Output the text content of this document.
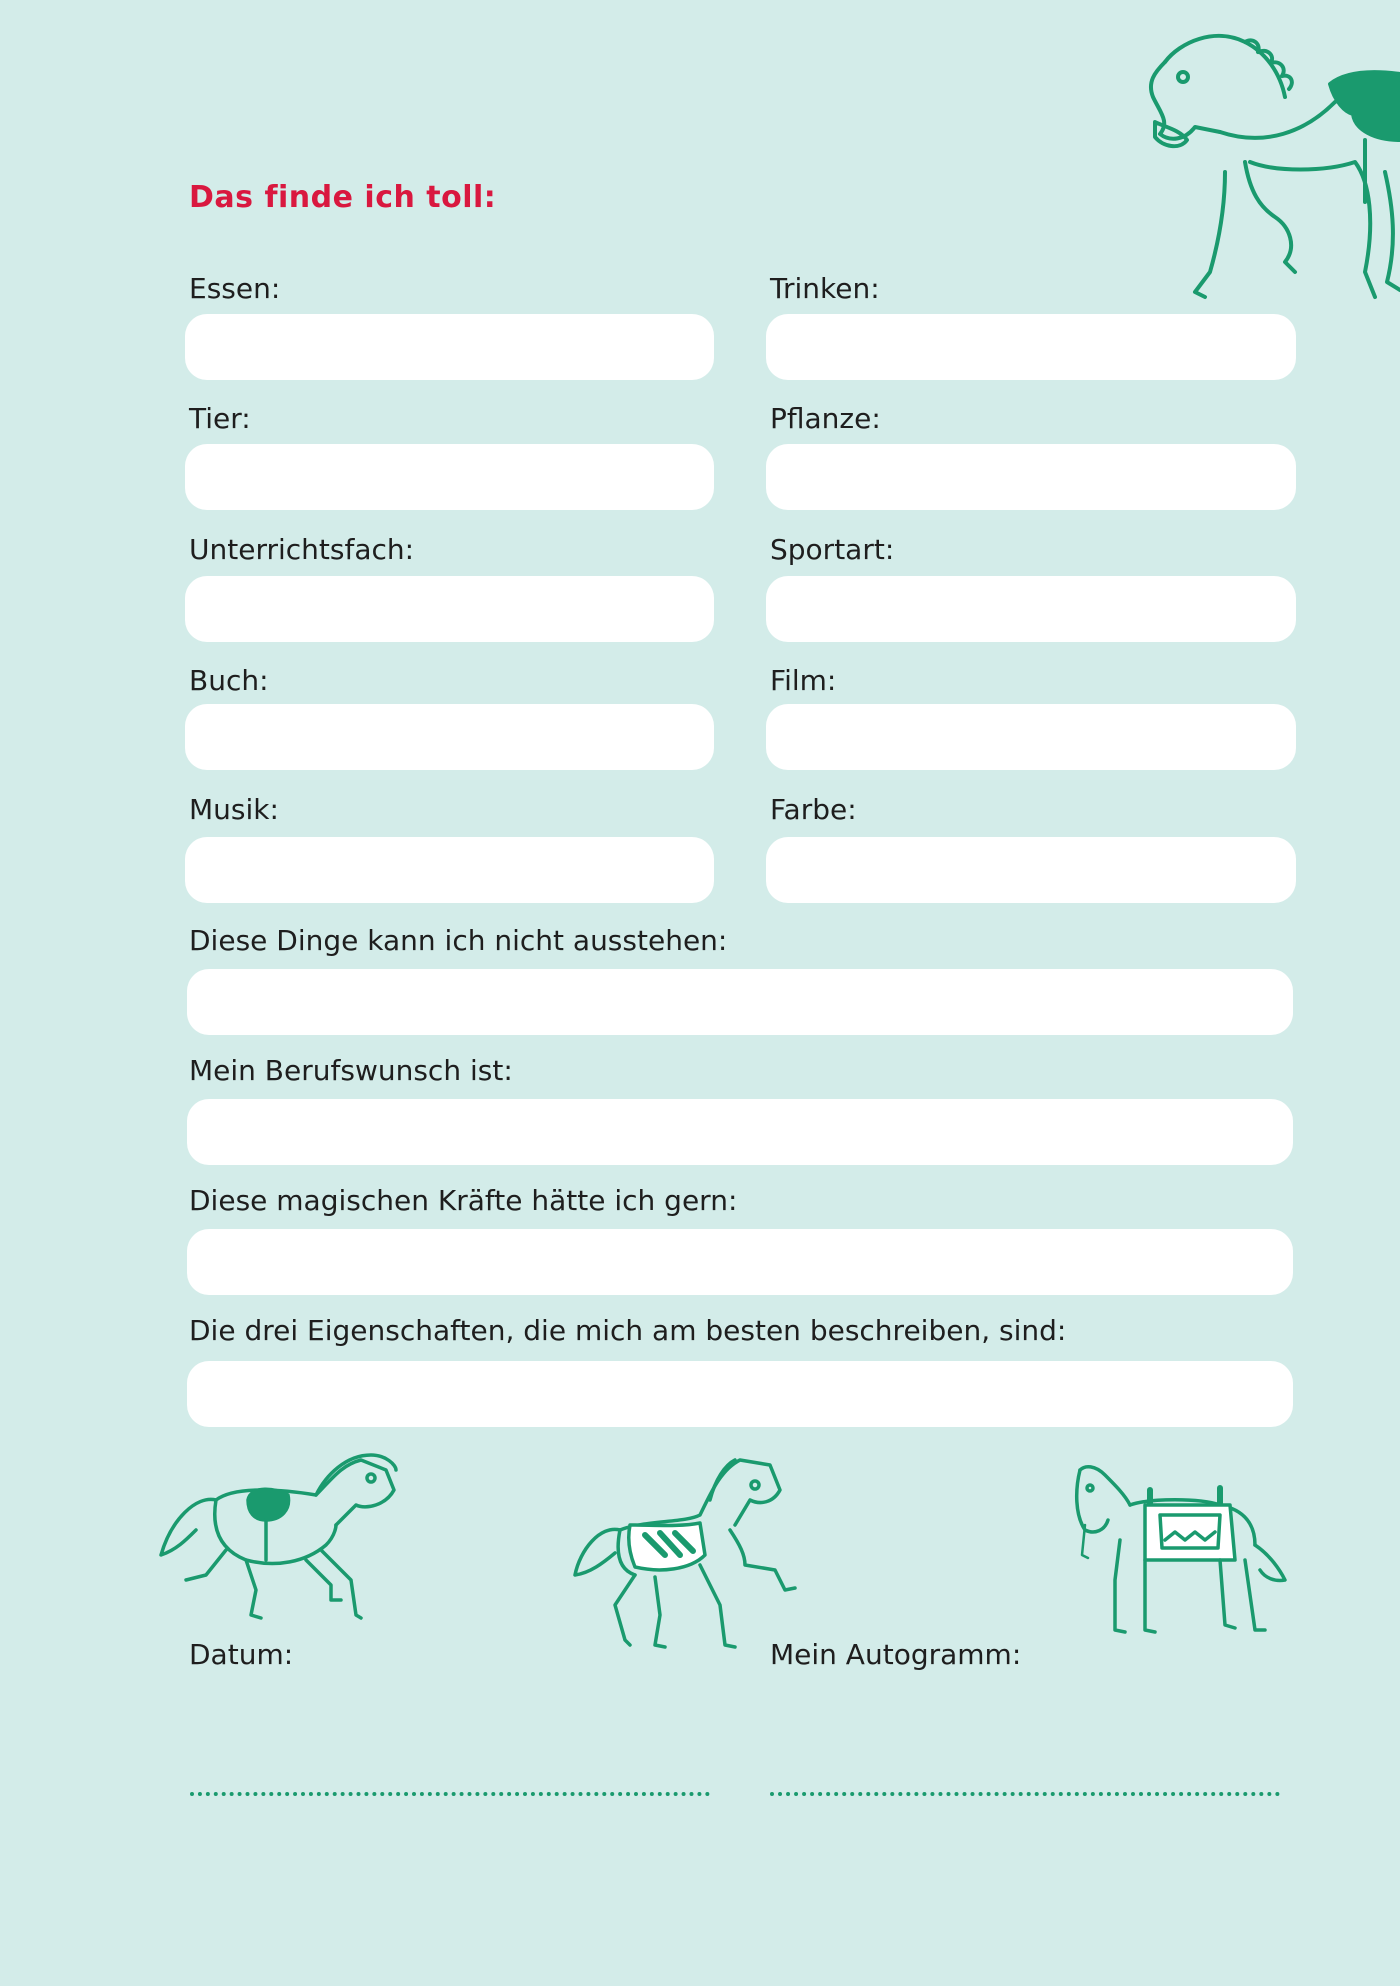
Das finde ich toll:
Essen:	Trinken:
Tier:	Pflanze:
Unterrichtsfach:	Sportart:
Buch:	Film:
Musik:	Farbe:
Diese Dinge kann ich nicht ausstehen:
Mein Berufswunsch ist:
Diese magischen Kräfte hätte ich gern:
Die drei Eigenschaften, die mich am besten beschreiben, sind:
Datum:	Mein Autogramm:
